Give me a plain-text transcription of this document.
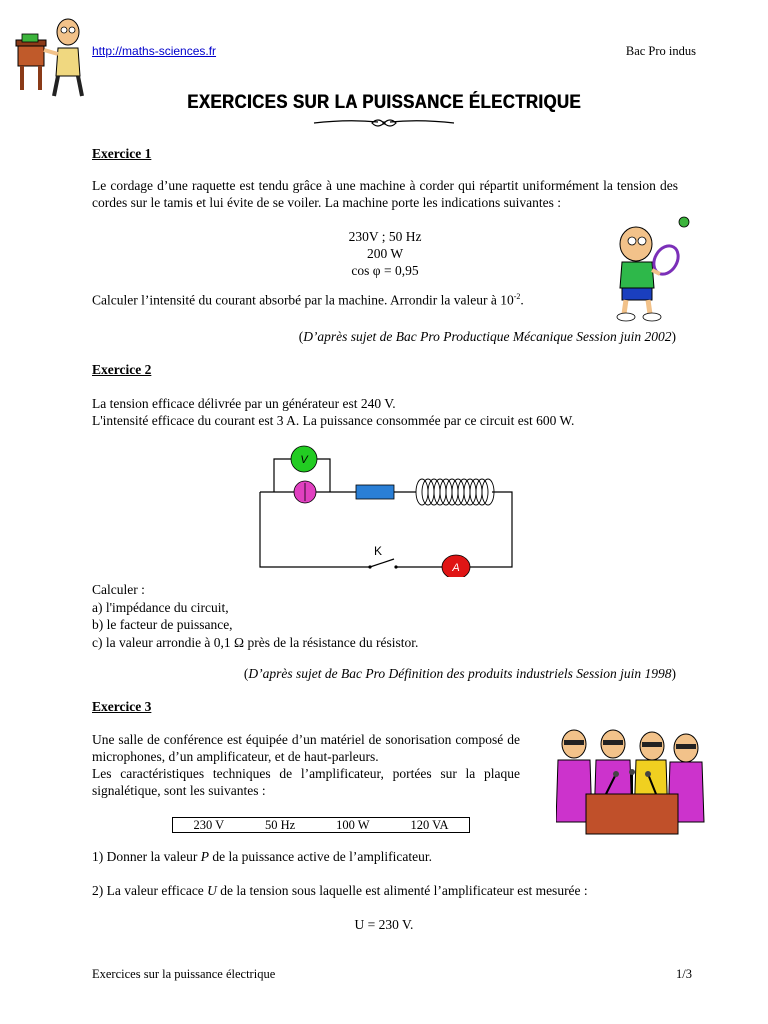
http://maths-sciences.fr	Bac Pro indus
EXERCICES SUR LA PUISSANCE ÉLECTRIQUE
Exercice 1
Le cordage d’une raquette est tendu grâce à une machine à corder qui répartit uniformément la tension des cordes sur le tamis et lui évite de se voiler. La machine porte les indications suivantes :
230V ; 50 Hz
200 W
cos φ = 0,95
Calculer l’intensité du courant absorbé par la machine. Arrondir la valeur à $10^{-2}$.
(D’après sujet de Bac Pro Productique Mécanique Session juin 2002)
Exercice 2
La tension efficace délivrée par un générateur est 240 V.
L'intensité efficace du courant est 3 A. La puissance consommée par ce circuit est 600 W.
V
K
A
Calculer :
a) l'impédance du circuit,
b) le facteur de puissance,
c) la valeur arrondie à 0,1 Ω près de la résistance du résistor.
(D’après sujet de Bac Pro Définition des produits industriels Session juin 1998)
Exercice 3
Une salle de conférence est équipée d’un matériel de sonorisation composé de microphones, d’un amplificateur, et de haut-parleurs.
Les caractéristiques techniques de l’amplificateur, portées sur la plaque signalétique, sont les suivantes :
230 V	50 Hz	100 W	120 VA
1) Donner la valeur P de la puissance active de l’amplificateur.
2) La valeur efficace U de la tension sous laquelle est alimenté l’amplificateur est mesurée :
U = 230 V.
Exercices sur la puissance électrique	1/3
